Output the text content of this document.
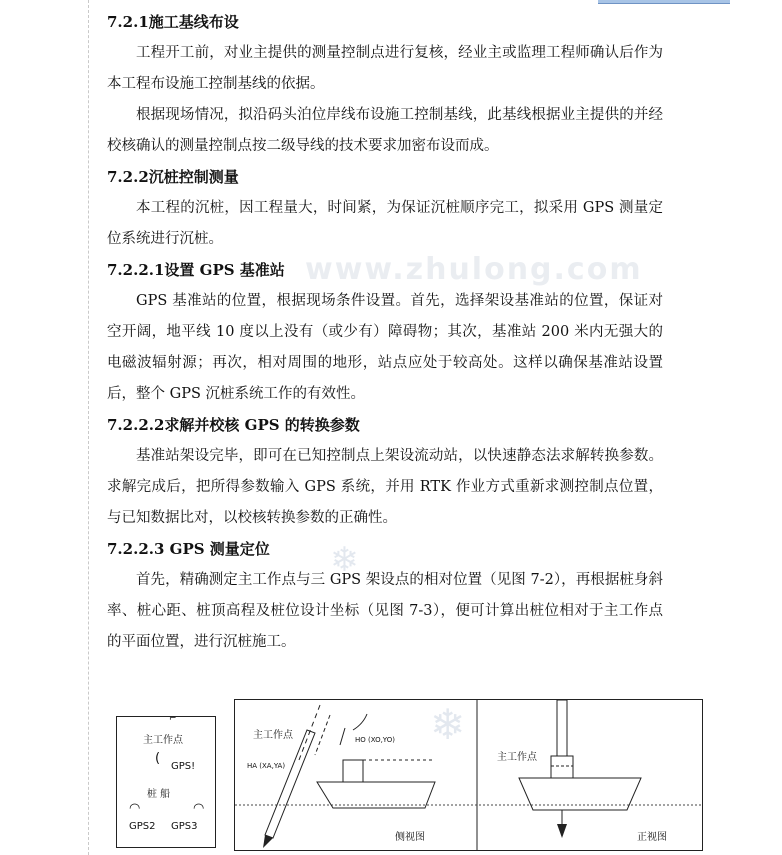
www.zhulong.com
❄
❄
7.2.1施工基线布设

工程开工前，对业主提供的测量控制点进行复核，经业主或监理工程师确认后作为本工程布设施工控制基线的依据。

根据现场情况，拟沿码头泊位岸线布设施工控制基线，此基线根据业主提供的并经校核确认的测量控制点按二级导线的技术要求加密布设而成。

7.2.2沉桩控制测量

本工程的沉桩，因工程量大，时间紧，为保证沉桩顺序完工，拟采用 GPS 测量定位系统进行沉桩。

7.2.2.1设置 GPS 基准站

GPS 基准站的位置，根据现场条件设置。首先，选择架设基准站的位置，保证对空开阔，地平线 10 度以上没有（或少有）障碍物；其次，基准站 200 米内无强大的电磁波辐射源；再次，相对周围的地形，站点应处于较高处。这样以确保基准站设置后，整个 GPS 沉桩系统工作的有效性。

7.2.2.2求解并校核 GPS 的转换参数

基准站架设完毕，即可在已知控制点上架设流动站，以快速静态法求解转换参数。求解完成后，把所得参数输入 GPS 系统，并用 RTK 作业方式重新求测控制点位置，与已知数据比对，以校核转换参数的正确性。

7.2.2.3 GPS 测量定位

首先，精确测定主工作点与三 GPS 架设点的相对位置（见图 7-2），再根据桩身斜率、桩心距、桩顶高程及桩位设计坐标（见图 7-3），便可计算出桩位相对于主工作点的平面位置，进行沉桩施工。

主工作点
(
GPS!
桩 船
◠	◠
GPS2 GPS3
⌐
主工作点	HO (XO,YO)
HA (XA,YA)
侧视图
主工作点
正视图
